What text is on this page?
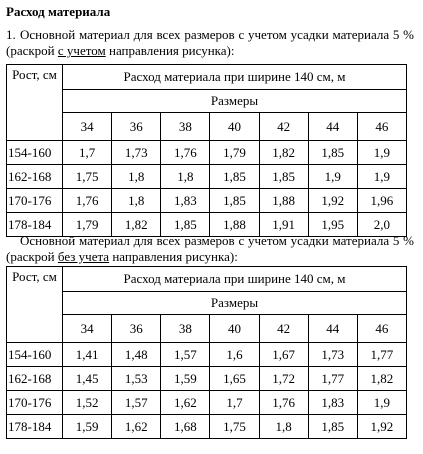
Расход материала
1. Основной материал для всех размеров с учетом усадки материала 5 % (раскрой с учетом направления рисунка):
Рост, см	Расход материала при ширине 140 см, м						
	Размеры						
	34	36	38	40	42	44	46
154-160	1,7	1,73	1,76	1,79	1,82	1,85	1,9
162-168	1,75	1,8	1,8	1,85	1,85	1,9	1,9
170-176	1,76	1,8	1,83	1,85	1,88	1,92	1,96
178-184	1,79	1,82	1,85	1,88	1,91	1,95	2,0
Основной материал для всех размеров с учетом усадки материала 5 % (раскрой без учета направления рисунка):
Рост, см	Расход материала при ширине 140 см, м						
	Размеры						
	34	36	38	40	42	44	46
154-160	1,41	1,48	1,57	1,6	1,67	1,73	1,77
162-168	1,45	1,53	1,59	1,65	1,72	1,77	1,82
170-176	1,52	1,57	1,62	1,7	1,76	1,83	1,9
178-184	1,59	1,62	1,68	1,75	1,8	1,85	1,92
